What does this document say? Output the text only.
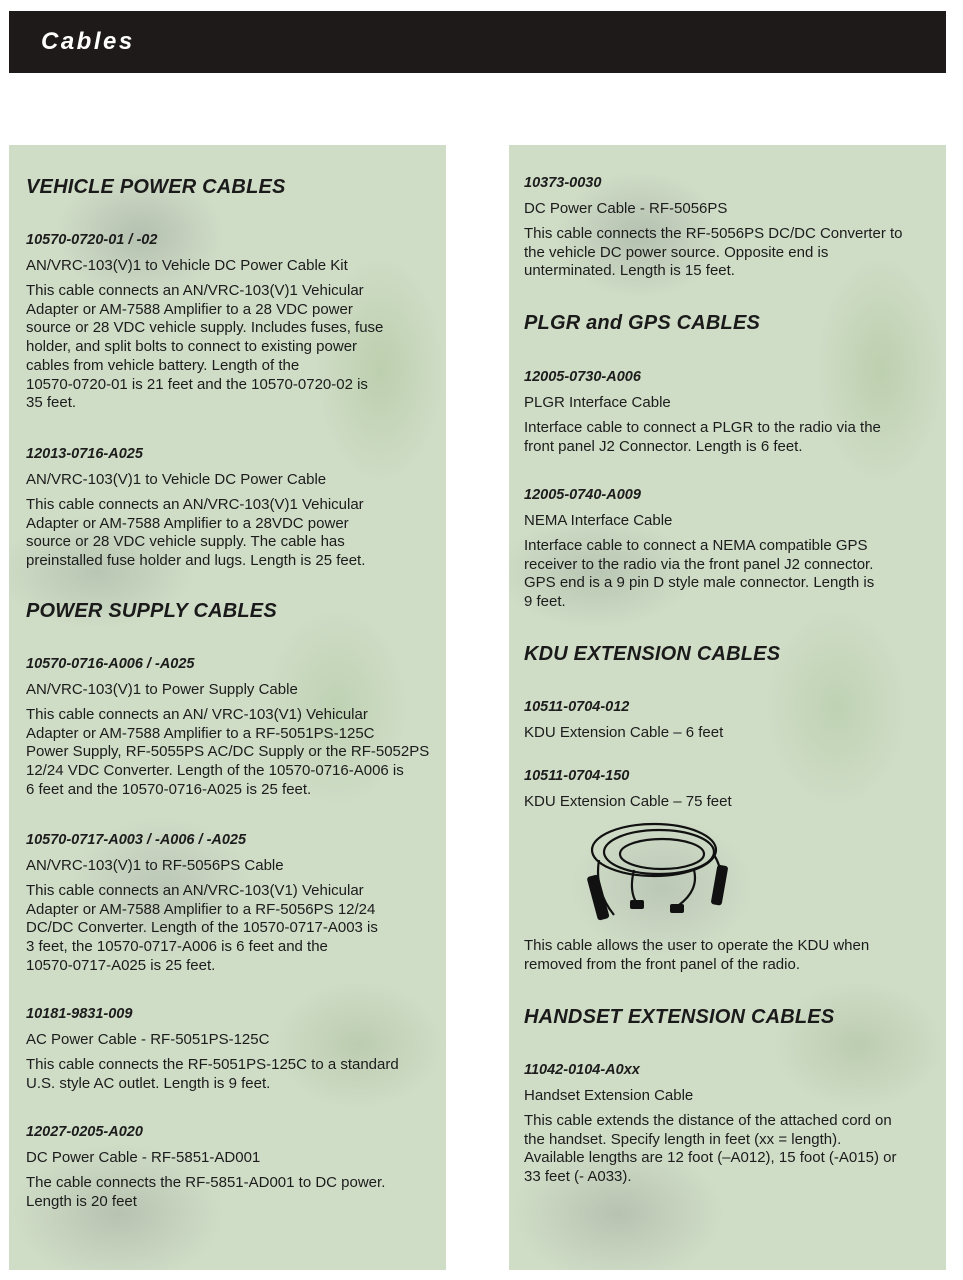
Cables
VEHICLE POWER CABLES
10570-0720-01 / -02
AN/VRC-103(V)1 to Vehicle DC Power Cable Kit
This cable connects an AN/VRC-103(V)1 Vehicular
Adapter or AM-7588 Amplifier to a 28 VDC power
source or 28 VDC vehicle supply. Includes fuses, fuse
holder, and split bolts to connect to existing power
cables from vehicle battery. Length of the
10570-0720-01 is 21 feet and the 10570-0720-02 is
35 feet.
12013-0716-A025
AN/VRC-103(V)1 to Vehicle DC Power Cable
This cable connects an AN/VRC-103(V)1 Vehicular
Adapter or AM-7588 Amplifier to a 28VDC power
source or 28 VDC vehicle supply. The cable has
preinstalled fuse holder and lugs. Length is 25 feet.
POWER SUPPLY CABLES
10570-0716-A006 / -A025
AN/VRC-103(V)1 to Power Supply Cable
This cable connects an AN/ VRC-103(V1) Vehicular
Adapter or AM-7588 Amplifier to a RF-5051PS-125C
Power Supply, RF-5055PS AC/DC Supply or the RF-5052PS
12/24 VDC Converter. Length of the 10570-0716-A006 is
6 feet and the 10570-0716-A025 is 25 feet.
10570-0717-A003 / -A006 / -A025
AN/VRC-103(V)1 to RF-5056PS Cable
This cable connects an AN/VRC-103(V1) Vehicular
Adapter or AM-7588 Amplifier to a RF-5056PS 12/24
DC/DC Converter. Length of the 10570-0717-A003 is
3 feet, the 10570-0717-A006 is 6 feet and the
10570-0717-A025 is 25 feet.
10181-9831-009
AC Power Cable - RF-5051PS-125C
This cable connects the RF-5051PS-125C to a standard
U.S. style AC outlet. Length is 9 feet.
12027-0205-A020
DC Power Cable - RF-5851-AD001
The cable connects the RF-5851-AD001 to DC power.
Length is 20 feet
10373-0030
DC Power Cable - RF-5056PS
This cable connects the RF-5056PS DC/DC Converter to
the vehicle DC power source. Opposite end is
unterminated. Length is 15 feet.
PLGR and GPS CABLES
12005-0730-A006
PLGR Interface Cable
Interface cable to connect a PLGR to the radio via the
front panel J2 Connector. Length is 6 feet.
12005-0740-A009
NEMA Interface Cable
Interface cable to connect a NEMA compatible GPS
receiver to the radio via the front panel J2 connector.
GPS end is a 9 pin D style male connector. Length is
9 feet.
KDU EXTENSION CABLES
10511-0704-012
KDU Extension Cable – 6 feet
10511-0704-150
KDU Extension Cable – 75 feet
This cable allows the user to operate the KDU when
removed from the front panel of the radio.
HANDSET EXTENSION CABLES
11042-0104-A0xx
Handset Extension Cable
This cable extends the distance of the attached cord on
the handset. Specify length in feet (xx = length).
Available lengths are 12 foot (–A012), 15 foot (-A015) or
33 feet (- A033).
